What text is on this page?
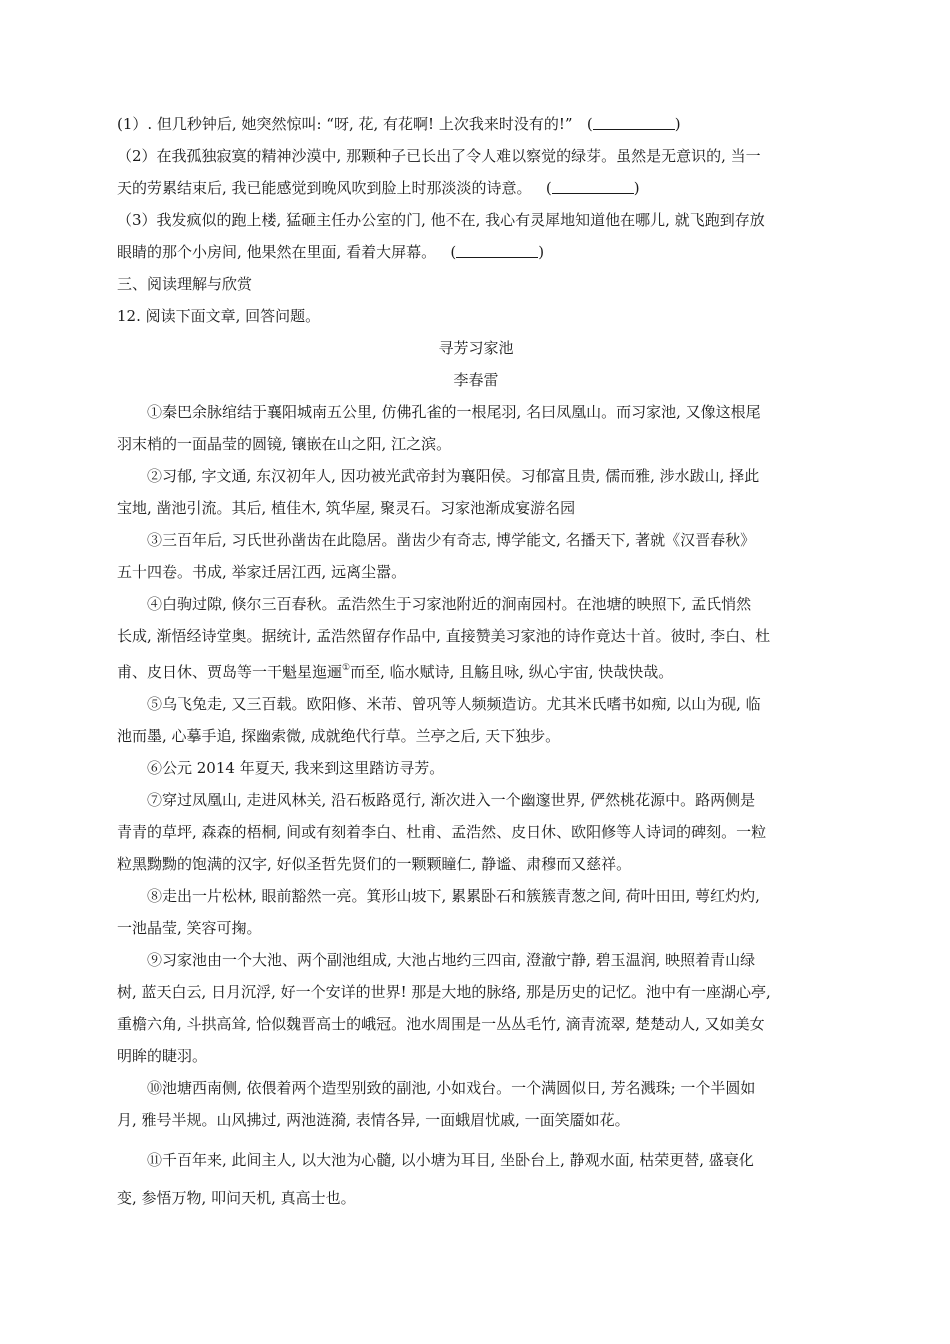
(1）. 但几秒钟后, 她突然惊叫: “呀, 花, 有花啊! 上次我来时没有的!” (	)
（2）在我孤独寂寞的精神沙漠中, 那颗种子已长出了令人难以察觉的绿芽。虽然是无意识的, 当一
天的劳累结束后, 我已能感觉到晚风吹到脸上时那淡淡的诗意。 (	)
（3）我发疯似的跑上楼, 猛砸主任办公室的门, 他不在, 我心有灵犀地知道他在哪儿, 就飞跑到存放
眼睛的那个小房间, 他果然在里面, 看着大屏幕。 (	)
三、阅读理解与欣赏
12. 阅读下面文章, 回答问题。
寻芳习家池
李春雷
①秦巴余脉绾结于襄阳城南五公里, 仿佛孔雀的一根尾羽, 名曰凤凰山。而习家池, 又像这根尾
羽末梢的一面晶莹的圆镜, 镶嵌在山之阳, 江之滨。
②习郁, 字文通, 东汉初年人, 因功被光武帝封为襄阳侯。习郁富且贵, 儒而雅, 涉水跋山, 择此
宝地, 凿池引流。其后, 植佳木, 筑华屋, 聚灵石。习家池渐成宴游名园
③三百年后, 习氏世孙凿齿在此隐居。凿齿少有奇志, 博学能文, 名播天下, 著就《汉晋春秋》
五十四卷。书成, 举家迁居江西, 远离尘嚣。
④白驹过隙, 倏尔三百春秋。孟浩然生于习家池附近的涧南园村。在池塘的映照下, 孟氏悄然
长成, 渐悟经诗堂奥。据统计, 孟浩然留存作品中, 直接赞美习家池的诗作竟达十首。彼时, 李白、杜
甫、皮日休、贾岛等一干魁星迤逦①而至, 临水赋诗, 且觞且咏, 纵心宇宙, 快哉快哉。
⑤乌飞兔走, 又三百载。欧阳修、米芾、曾巩等人频频造访。尤其米氏嗜书如痴, 以山为砚, 临
池而墨, 心摹手追, 探幽索微, 成就绝代行草。兰亭之后, 天下独步。
⑥公元 2014 年夏天, 我来到这里踏访寻芳。
⑦穿过凤凰山, 走进风林关, 沿石板路觅行, 渐次进入一个幽邃世界, 俨然桃花源中。路两侧是
青青的草坪, 森森的梧桐, 间或有刻着李白、杜甫、孟浩然、皮日休、欧阳修等人诗词的碑刻。一粒
粒黑黝黝的饱满的汉字, 好似圣哲先贤们的一颗颗瞳仁, 静谧、肃穆而又慈祥。
⑧走出一片松林, 眼前豁然一亮。箕形山坡下, 累累卧石和簇簇青葱之间, 荷叶田田, 萼红灼灼,
一池晶莹, 笑容可掬。
⑨习家池由一个大池、两个副池组成, 大池占地约三四亩, 澄澈宁静, 碧玉温润, 映照着青山绿
树, 蓝天白云, 日月沉浮, 好一个安详的世界! 那是大地的脉络, 那是历史的记忆。池中有一座湖心亭,
重檐六角, 斗拱高耸, 恰似魏晋高士的峨冠。池水周围是一丛丛毛竹, 滴青流翠, 楚楚动人, 又如美女
明眸的睫羽。
⑩池塘西南侧, 依偎着两个造型别致的副池, 小如戏台。一个满圆似日, 芳名溅珠; 一个半圆如
月, 雅号半规。山风拂过, 两池涟漪, 表情各异, 一面蛾眉忧戚, 一面笑靥如花。
⑪千百年来, 此间主人, 以大池为心髓, 以小塘为耳目, 坐卧台上, 静观水面, 枯荣更替, 盛衰化
变, 参悟万物, 叩问天机, 真高士也。
